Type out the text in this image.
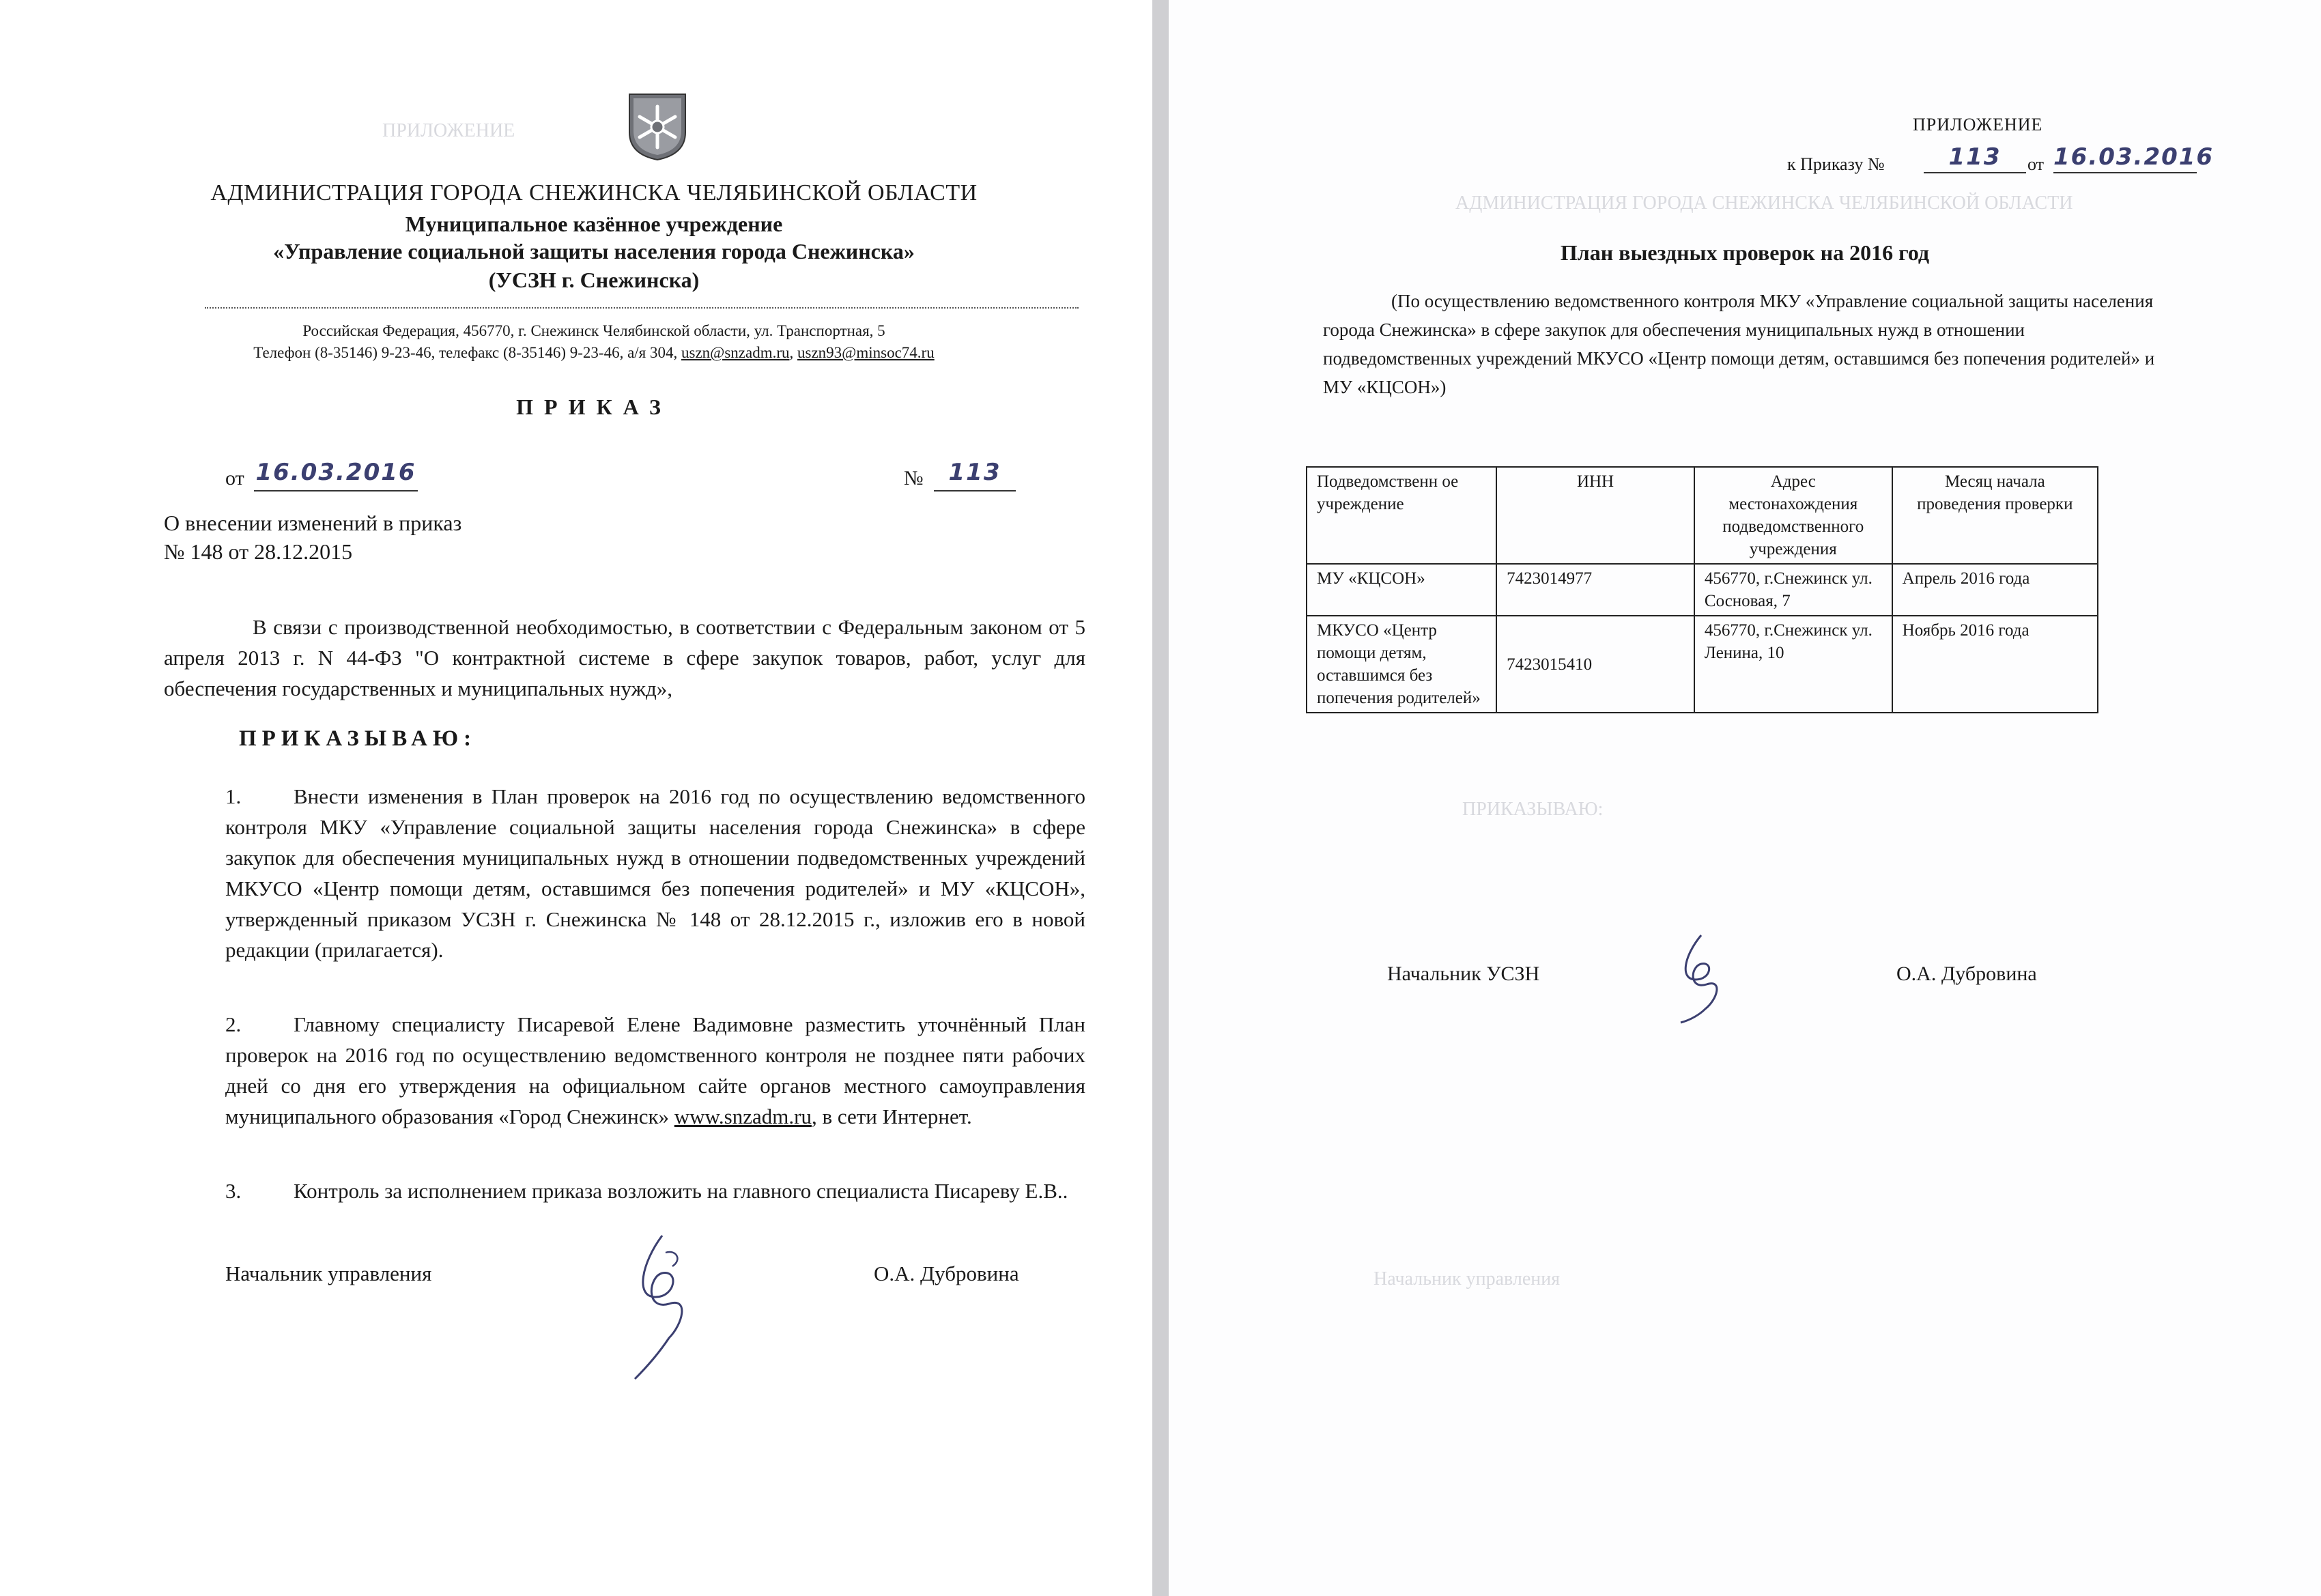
ПРИЛОЖЕНИЕ
АДМИНИСТРАЦИЯ ГОРОДА СНЕЖИНСКА ЧЕЛЯБИНСКОЙ ОБЛАСТИ
Муниципальное казённое учреждение
«Управление социальной защиты населения города Снежинска»
(УСЗН г. Снежинска)
Российская Федерация, 456770, г. Снежинск Челябинской области, ул. Транспортная, 5
Телефон (8-35146) 9-23-46, телефакс (8-35146) 9-23-46, а/я 304, uszn@snzadm.ru, uszn93@minsoc74.ru
ПРИКАЗ
от 16.03.2016	№	113
О внесении изменений в приказ
№ 148 от 28.12.2015
В связи с производственной необходимостью, в соответствии с Федеральным законом от 5 апреля 2013 г. N 44-ФЗ "О контрактной системе в сфере закупок товаров, работ, услуг для обеспечения государственных и муниципальных нужд»,
ПРИКАЗЫВАЮ:
1. Внести изменения в План проверок на 2016 год по осуществлению ведомственного контроля МКУ «Управление социальной защиты населения города Снежинска» в сфере закупок для обеспечения муниципальных нужд в отношении подведомственных учреждений МКУСО «Центр помощи детям, оставшимся без попечения родителей» и МУ «КЦСОН», утвержденный приказом УСЗН г. Снежинска № 148 от 28.12.2015 г., изложив его в новой редакции (прилагается).
2. Главному специалисту Писаревой Елене Вадимовне разместить уточнённый План проверок на 2016 год по осуществлению ведомственного контроля не позднее пяти рабочих дней со дня его утверждения на официальном сайте органов местного самоуправления муниципального образования «Город Снежинск» www.snzadm.ru, в сети Интернет.
3. Контроль за исполнением приказа возложить на главного специалиста Писареву Е.В..
Начальник управления	О.А. Дубровина
АДМИНИСТРАЦИЯ ГОРОДА СНЕЖИНСКА ЧЕЛЯБИНСКОЙ ОБЛАСТИ
ПРИКАЗЫВАЮ:
Начальник управления
ПРИЛОЖЕНИЕ
к Приказу №	113	от 16.03.2016
План выездных проверок на 2016 год
(По осуществлению ведомственного контроля МКУ «Управление социальной защиты населения города Снежинска» в сфере закупок для обеспечения муниципальных нужд в отношении подведомственных учреждений МКУСО «Центр помощи детям, оставшимся без попечения родителей» и МУ «КЦСОН»)
Подведомственн ое учреждение	ИНН	Адрес местонахождения подведомственного учреждения	Месяц начала проведения проверки
МУ «КЦСОН»	7423014977	456770, г.Снежинск ул. Сосновая, 7	Апрель 2016 года
МКУСО «Центр помощи детям, оставшимся без попечения родителей»	7423015410	456770, г.Снежинск ул. Ленина, 10	Ноябрь 2016 года
Начальник УСЗН	О.А. Дубровина
